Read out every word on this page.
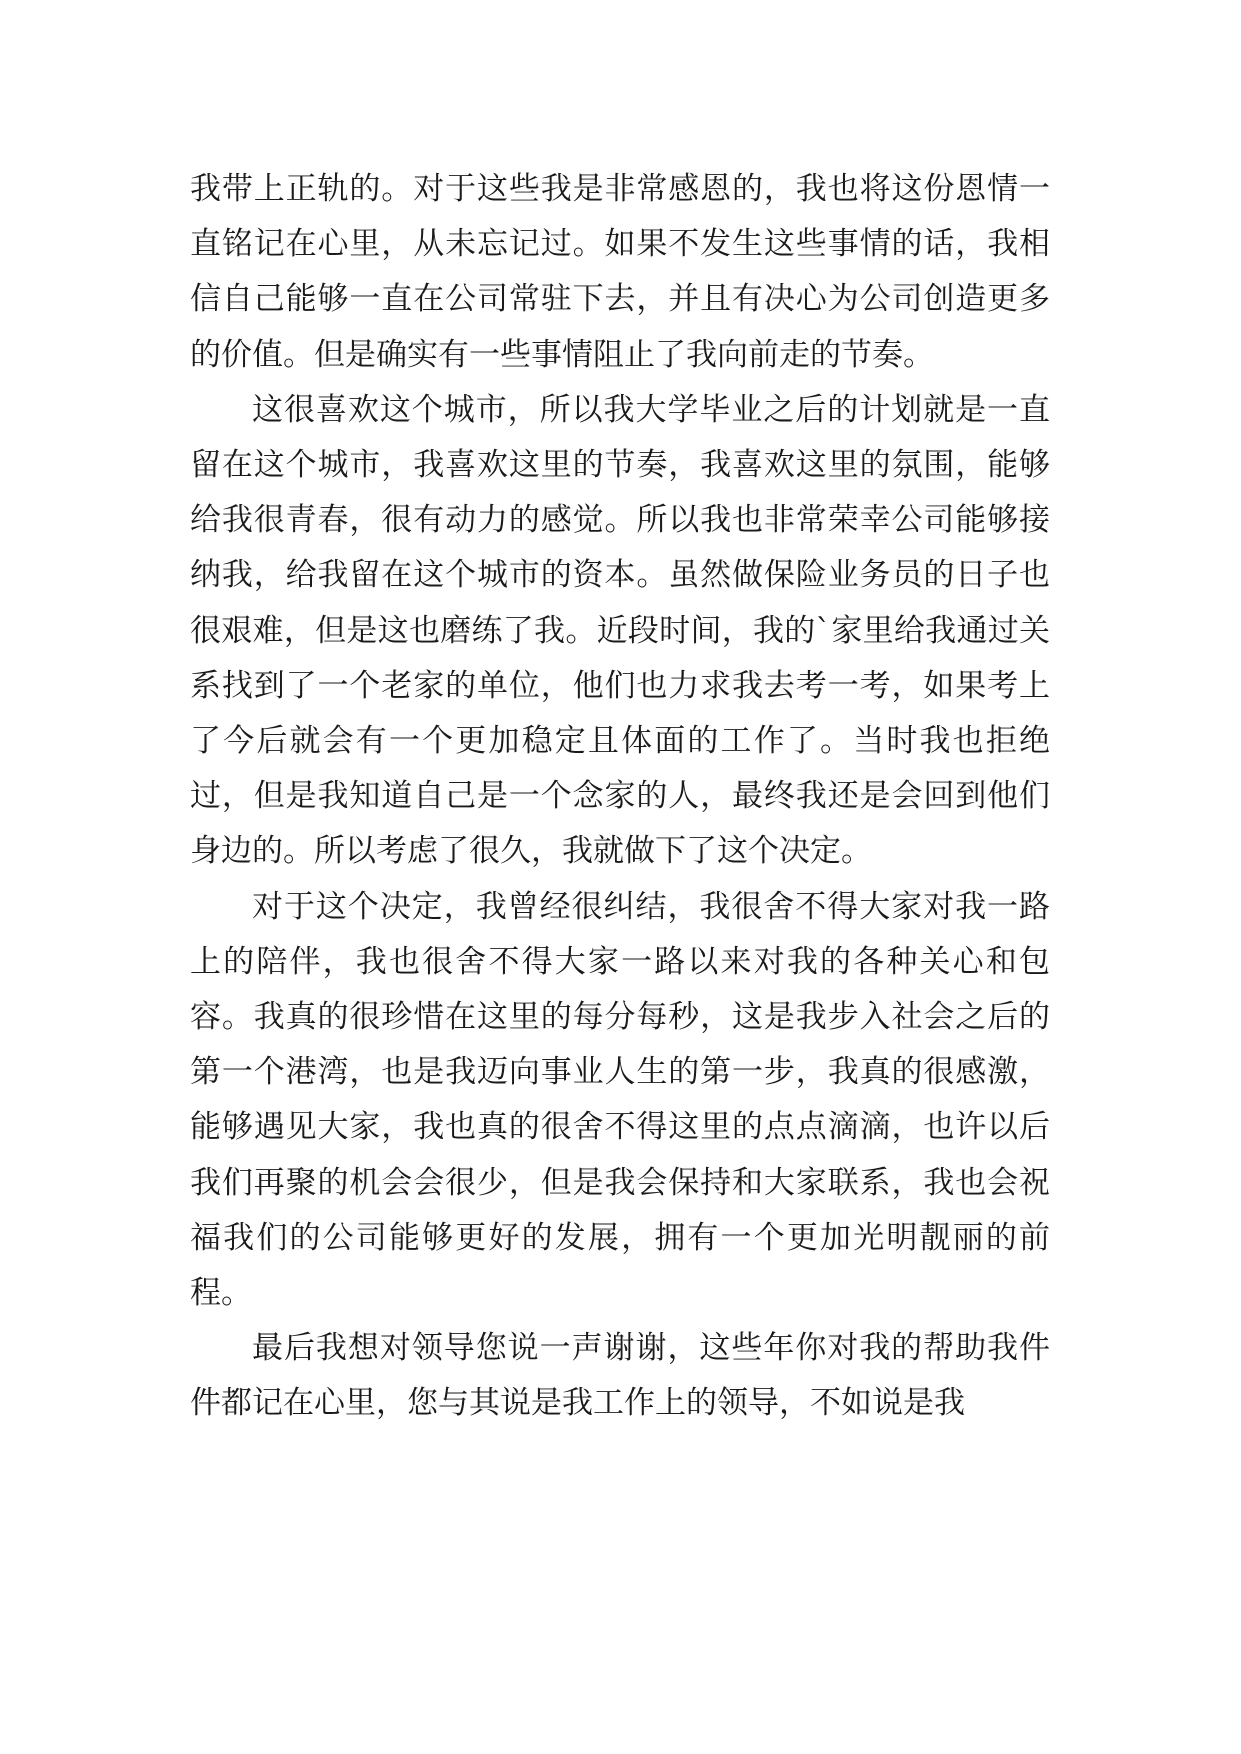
我带上正轨的。对于这些我是非常感恩的，我也将这份恩情一直铭记在心里，从未忘记过。如果不发生这些事情的话，我相信自己能够一直在公司常驻下去，并且有决心为公司创造更多的价值。但是确实有一些事情阻止了我向前走的节奏。

这很喜欢这个城市，所以我大学毕业之后的计划就是一直留在这个城市，我喜欢这里的节奏，我喜欢这里的氛围，能够给我很青春，很有动力的感觉。所以我也非常荣幸公司能够接纳我，给我留在这个城市的资本。虽然做保险业务员的日子也很艰难，但是这也磨练了我。近段时间，我的`家里给我通过关系找到了一个老家的单位，他们也力求我去考一考，如果考上了今后就会有一个更加稳定且体面的工作了。当时我也拒绝过，但是我知道自己是一个念家的人，最终我还是会回到他们身边的。所以考虑了很久，我就做下了这个决定。

对于这个决定，我曾经很纠结，我很舍不得大家对我一路上的陪伴，我也很舍不得大家一路以来对我的各种关心和包容。我真的很珍惜在这里的每分每秒，这是我步入社会之后的第一个港湾，也是我迈向事业人生的第一步，我真的很感激，能够遇见大家，我也真的很舍不得这里的点点滴滴，也许以后我们再聚的机会会很少，但是我会保持和大家联系，我也会祝福我们的公司能够更好的发展，拥有一个更加光明靓丽的前程。

最后我想对领导您说一声谢谢，这些年你对我的帮助我件件都记在心里，您与其说是我工作上的领导，不如说是我
